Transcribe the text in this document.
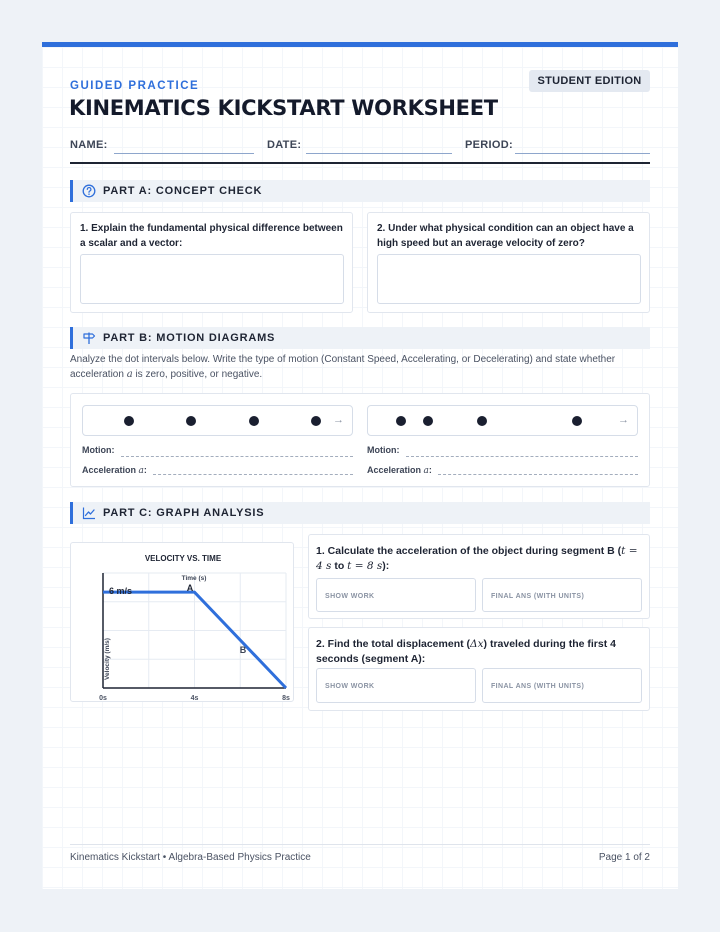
GUIDED PRACTICE
KINEMATICS KICKSTART WORKSHEET
STUDENT EDITION
NAME:	DATE:	PERIOD:
PART A: CONCEPT CHECK
1. Explain the fundamental physical difference between a scalar and a vector:
2. Under what physical condition can an object have a high speed but an average velocity of zero?
PART B: MOTION DIAGRAMS
Analyze the dot intervals below. Write the type of motion (Constant Speed, Accelerating, or Decelerating) and state whether acceleration a is zero, positive, or negative.
→
Motion:
Acceleration a:
→
Motion:
Acceleration a:
PART C: GRAPH ANALYSIS
VELOCITY VS. TIME
Time (s)
Velocity (m/s)
6 m/s	A
B
0s	4s	8s
1. Calculate the acceleration of the object during segment B (t = 4 s to t = 8 s):
SHOW WORK	FINAL ANS (WITH UNITS)
2. Find the total displacement (Δx) traveled during the first 4 seconds (segment A):
SHOW WORK	FINAL ANS (WITH UNITS)
Kinematics Kickstart • Algebra-Based Physics Practice	Page 1 of 2
